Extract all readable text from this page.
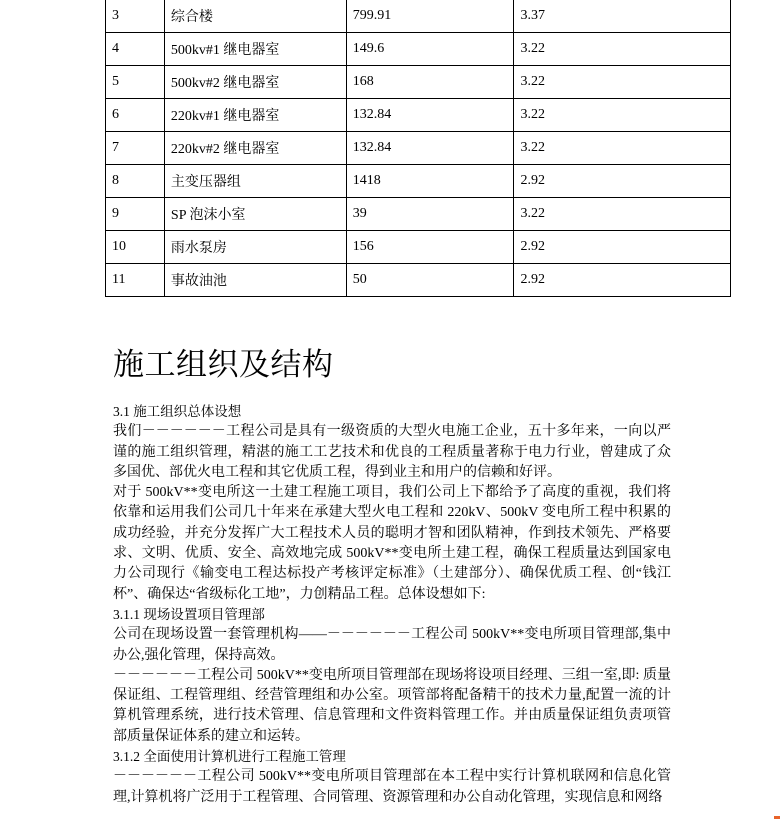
3	综合楼	799.91	3.37
4	500kv#1 继电器室	149.6	3.22
5	500kv#2 继电器室	168	3.22
6	220kv#1 继电器室	132.84	3.22
7	220kv#2 继电器室	132.84	3.22
8	主变压器组	1418	2.92
9	SP 泡沫小室	39	3.22
10	雨水泵房	156	2.92
11	事故油池	50	2.92
施工组织及结构

3.1 施工组织总体设想

我们－－－－－－工程公司是具有一级资质的大型火电施工企业，五十多年来，一向以严谨的施工组织管理，精湛的施工工艺技术和优良的工程质量著称于电力行业，曾建成了众多国优、部优火电工程和其它优质工程，得到业主和用户的信赖和好评。

对于 500kV**变电所这一土建工程施工项目，我们公司上下都给予了高度的重视，我们将依靠和运用我们公司几十年来在承建大型火电工程和 220kV、500kV 变电所工程中积累的成功经验，并充分发挥广大工程技术人员的聪明才智和团队精神，作到技术领先、严格要求、文明、优质、安全、高效地完成 500kV**变电所土建工程，确保工程质量达到国家电力公司现行《输变电工程达标投产考核评定标准》（土建部分）、确保优质工程、创“钱江杯”、确保达“省级标化工地”，力创精品工程。总体设想如下:

3.1.1 现场设置项目管理部

公司在现场设置一套管理机构——－－－－－－工程公司 500kV**变电所项目管理部,集中办公,强化管理，保持高效。

－－－－－－工程公司 500kV**变电所项目管理部在现场将设项目经理、三组一室,即: 质量保证组、工程管理组、经营管理组和办公室。项管部将配备精干的技术力量,配置一流的计算机管理系统，进行技术管理、信息管理和文件资料管理工作。并由质量保证组负责项管部质量保证体系的建立和运转。

3.1.2 全面使用计算机进行工程施工管理

－－－－－－工程公司 500kV**变电所项目管理部在本工程中实行计算机联网和信息化管理,计算机将广泛用于工程管理、合同管理、资源管理和办公自动化管理，实现信息和网络
